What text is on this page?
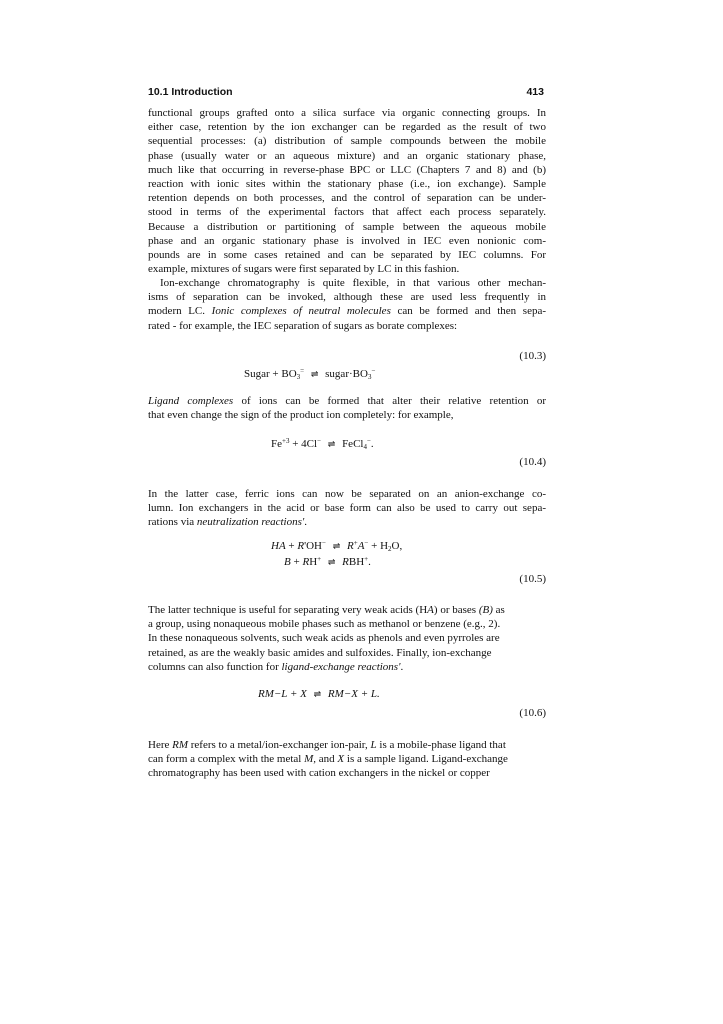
10.1 Introduction	413
functional groups grafted onto a silica surface via organic connecting groups. In
either case, retention by the ion exchanger can be regarded as the result of two
sequential processes: (a) distribution of sample compounds between the mobile
phase (usually water or an aqueous mixture) and an organic stationary phase,
much like that occurring in reverse-phase BPC or LLC (Chapters 7 and 8) and (b)
reaction with ionic sites within the stationary phase (i.e., ion exchange). Sample
retention depends on both processes, and the control of separation can be under-
stood in terms of the experimental factors that affect each process separately.
Because a distribution or partitioning of sample between the aqueous mobile
phase and an organic stationary phase is involved in IEC even nonionic com-
pounds are in some cases retained and can be separated by IEC columns. For
example, mixtures of sugars were first separated by LC in this fashion.
Ion-exchange chromatography is quite flexible, in that various other mechan-
isms of separation can be invoked, although these are used less frequently in
modern LC. Ionic complexes of neutral molecules can be formed and then sepa-
rated - for example, the IEC separation of sugars as borate complexes:
Sugar + $BO_3^=$ ⇌ $sugar\cdot BO_3^-$
(10.3)
Ligand complexes of ions can be formed that alter their relative retention or
that even change the sign of the product ion completely: for example,
$Fe^{+3} + 4Cl^-$ ⇌ FeCl$_4$−.
(10.4)
In the latter case, ferric ions can now be separated on an anion-exchange co-
lumn. Ion exchangers in the acid or base form can also be used to carry out sepa-
rations via neutralization reactions'.
HA + R'OH− ⇌ $R^+A^- + H_2O$,
B + RH+ ⇌ RBH+.
(10.5)
The latter technique is useful for separating very weak acids (HA) or bases (B) as
a group, using nonaqueous mobile phases such as methanol or benzene (e.g., 2).
In these nonaqueous solvents, such weak acids as phenols and even pyrroles are
retained, as are the weakly basic amides and sulfoxides. Finally, ion-exchange
columns can also function for ligand-exchange reactions'.
RM−L + X ⇌ RM−X + L.
(10.6)
Here RM refers to a metal/ion-exchanger ion-pair, L is a mobile-phase ligand that
can form a complex with the metal M, and X is a sample ligand. Ligand-exchange
chromatography has been used with cation exchangers in the nickel or copper
